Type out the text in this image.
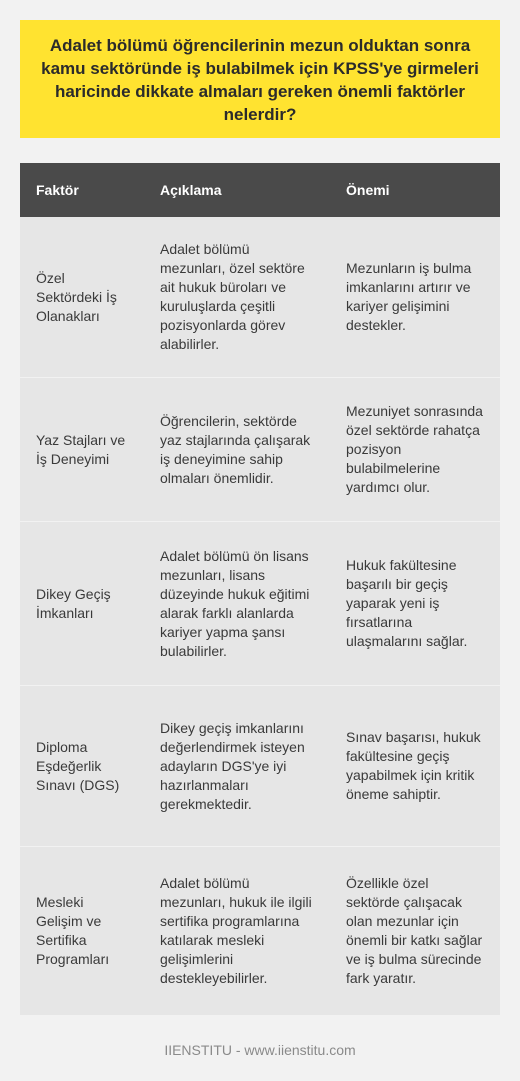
Adalet bölümü öğrencilerinin mezun olduktan sonra kamu sektöründe iş bulabilmek için KPSS'ye girmeleri haricinde dikkate almaları gereken önemli faktörler nelerdir?
Faktör	Açıklama	Önemi
Özel Sektördeki İş Olanakları	Adalet bölümü mezunları, özel sektöre ait hukuk büroları ve kuruluşlarda çeşitli pozisyonlarda görev alabilirler.	Mezunların iş bulma imkanlarını artırır ve kariyer gelişimini destekler.
Yaz Stajları ve İş Deneyimi	Öğrencilerin, sektörde yaz stajlarında çalışarak iş deneyimine sahip olmaları önemlidir.	Mezuniyet sonrasında özel sektörde rahatça pozisyon bulabilmelerine yardımcı olur.
Dikey Geçiş İmkanları	Adalet bölümü ön lisans mezunları, lisans düzeyinde hukuk eğitimi alarak farklı alanlarda kariyer yapma şansı bulabilirler.	Hukuk fakültesine başarılı bir geçiş yaparak yeni iş fırsatlarına ulaşmalarını sağlar.
Diploma Eşdeğerlik Sınavı (DGS)	Dikey geçiş imkanlarını değerlendirmek isteyen adayların DGS'ye iyi hazırlanmaları gerekmektedir.	Sınav başarısı, hukuk fakültesine geçiş yapabilmek için kritik öneme sahiptir.
Mesleki Gelişim ve Sertifika Programları	Adalet bölümü mezunları, hukuk ile ilgili sertifika programlarına katılarak mesleki gelişimlerini destekleyebilirler.	Özellikle özel sektörde çalışacak olan mezunlar için önemli bir katkı sağlar ve iş bulma sürecinde fark yaratır.
IIENSTITU - www.iienstitu.com
